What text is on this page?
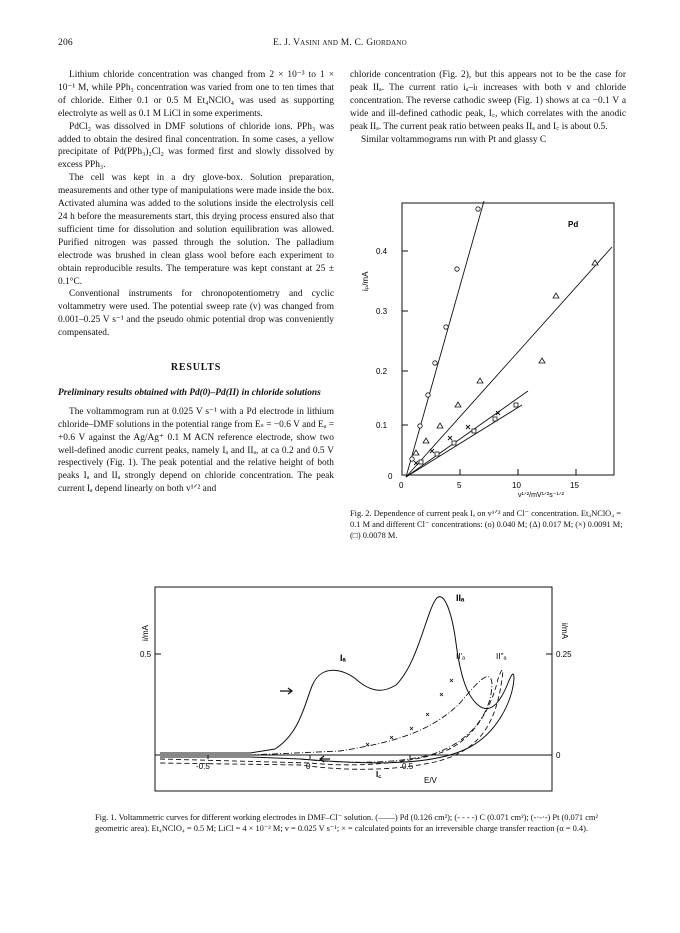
206	E. J. Vasini and M. C. Giordano

Lithium chloride concentration was changed from 2 × 10⁻³ to 1 × 10⁻¹ M, while PPh₃ concentration was varied from one to ten times that of chloride. Either 0.1 or 0.5 M Et₄NClO₄ was used as supporting electrolyte as well as 0.1 M LiCl in some experiments.

PdCl₂ was dissolved in DMF solutions of chloride ions. PPh₃ was added to obtain the desired final concentration. In some cases, a yellow precipitate of Pd(PPh₃)₂Cl₂ was formed first and slowly dissolved by excess PPh₃.

The cell was kept in a dry glove-box. Solution preparation, measurements and other type of manipulations were made inside the box. Activated alumina was added to the solutions inside the electrolysis cell 24 h before the measurements start, this drying process ensured also that sufficient time for dissolution and solution equilibration was allowed. Purified nitrogen was passed through the solution. The palladium electrode was brushed in clean glass wool before each experiment to obtain reproducible results. The temperature was kept constant at 25 ± 0.1°C.

Conventional instruments for chronopotentiometry and cyclic voltammetry were used. The potential sweep rate (v) was changed from 0.001–0.25 V s⁻¹ and the pseudo ohmic potential drop was conveniently compensated.

RESULTS

Preliminary results obtained with Pd(0)–Pd(II) in chloride solutions

The voltammogram run at 0.025 V s⁻¹ with a Pd electrode in lithium chloride–DMF solutions in the potential range from Eₛ = −0.6 V and Eₐ = +0.6 V against the Ag/Ag⁺ 0.1 M ACN reference electrode, show two well-defined anodic current peaks, namely Iₐ and IIₐ, at ca 0.2 and 0.5 V respectively (Fig. 1). The peak potential and the relative height of both peaks Iₐ and IIₐ strongly depend on chloride concentration. The peak current Iₐ depend linearly on both v¹ᐟ² and

chloride concentration (Fig. 2), but this appears not to be the case for peak IIₐ. The current ratio iₐ–iₗ increases with both v and chloride concentration. The reverse cathodic sweep (Fig. 1) shows at ca −0.1 V a wide and ill-defined cathodic peak, I꜀, which correlates with the anodic peak IIₐ. The current peak ratio between peaks IIₐ and I꜀ is about 0.5.

Similar voltammograms run with Pt and glassy C

0.4
0.3
0.2
0.1
0
0	5	10	15
v¹ᐟ²/mV¹ᐟ²s⁻¹ᐟ²
iₚ/mA
Pd
Fig. 2. Dependence of current peak Iₐ on v¹ᐟ² and Cl⁻ concentration. Et₄NClO₄ = 0.1 M and different Cl⁻ concentrations: (o) 0.040 M; (Δ) 0.017 M; (×) 0.0091 M; (□) 0.0078 M.
i/mA	i/mA
0.5	0.25
0
-0.5	0	0.5
E/V
IIₐ
Iₐ	II'ₐ	II''ₐ
I꜀
Fig. 1. Voltammetric curves for different working electrodes in DMF–Cl⁻ solution. (——) Pd (0.126 cm²); (- - - -) C (0.071 cm²); (-·-·-) Pt (0.071 cm² geometric area). Et₄NClO₄ = 0.5 M; LiCl = 4 × 10⁻² M; v = 0.025 V s⁻¹; × = calculated points for an irreversible charge transfer reaction (α = 0.4).
